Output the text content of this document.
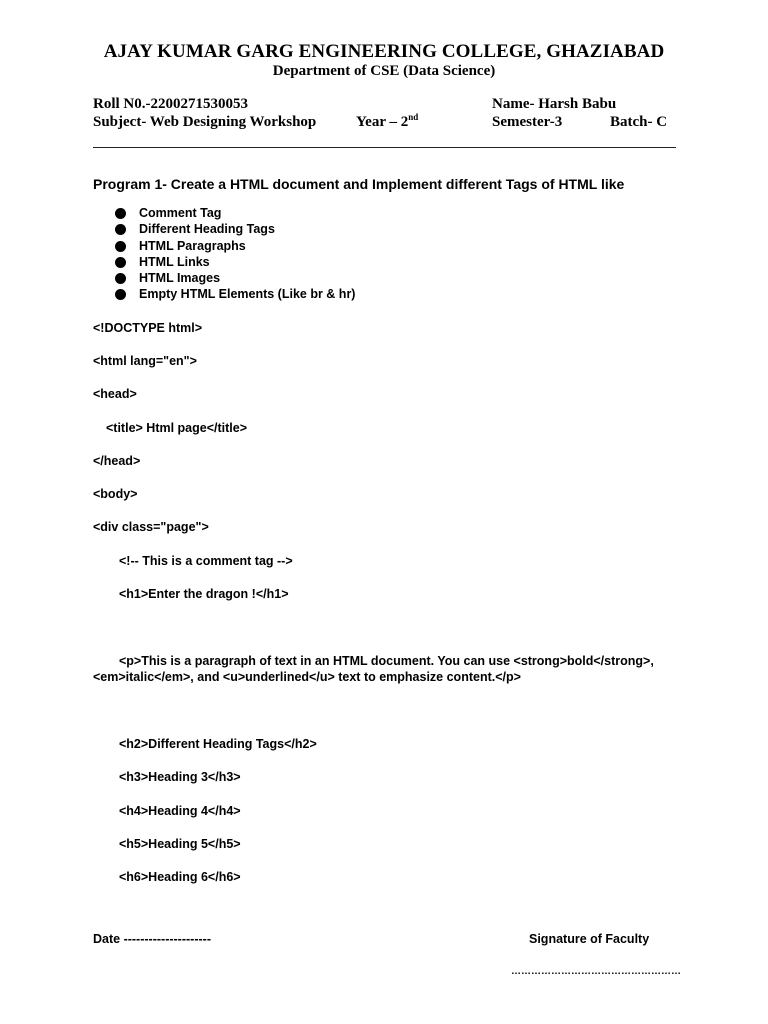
AJAY KUMAR GARG ENGINEERING COLLEGE, GHAZIABAD
Department of CSE (Data Science)
Roll N0.-2200271530053	Name- Harsh Babu
Subject- Web Designing Workshop	Year – 2nd	Semester-3	Batch- C
Program 1- Create a HTML document and Implement different Tags of HTML like
Comment Tag
Different Heading Tags
HTML Paragraphs
HTML Links
HTML Images
Empty HTML Elements (Like br & hr)
<!DOCTYPE html>
<html lang="en">
<head>
<title> Html page</title>
</head>
<body>
<div class="page">
<!-- This is a comment tag -->
<h1>Enter the dragon !</h1>
<p>This is a paragraph of text in an HTML document. You can use <strong>bold</strong>,
<em>italic</em>, and <u>underlined</u> text to emphasize content.</p>
<h2>Different Heading Tags</h2>
<h3>Heading 3</h3>
<h4>Heading 4</h4>
<h5>Heading 5</h5>
<h6>Heading 6</h6>
Date ---------------------	Signature of Faculty
……………………………………………
